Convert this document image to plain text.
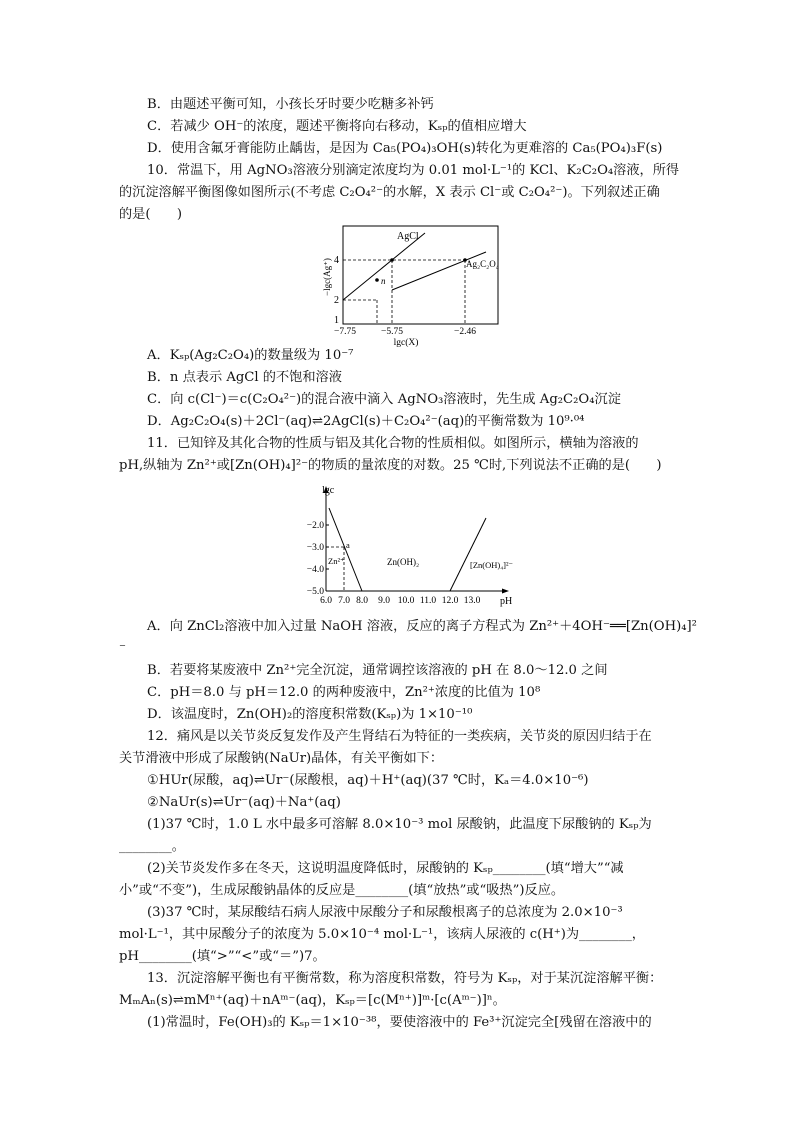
B．由题述平衡可知，小孩长牙时要少吃糖多补钙
C．若减少 OH⁻的浓度，题述平衡将向右移动，Kₛₚ的值相应增大
D．使用含氟牙膏能防止龋齿，是因为 Ca₅(PO₄)₃OH(s)转化为更难溶的 Ca₅(PO₄)₃F(s)
10．常温下，用 AgNO₃溶液分别滴定浓度均为 0.01 mol·L⁻¹的 KCl、K₂C₂O₄溶液，所得
的沉淀溶解平衡图像如图所示(不考虑 C₂O₄²⁻的水解，X 表示 Cl⁻或 C₂O₄²⁻)。下列叙述正确
的是(　　)
n
AgCl
Ag₂C₂O₄
4
2
1
−7.75	−5.75	−2.46
lgc(X)
−lgc(Ag⁺)
A．Kₛₚ(Ag₂C₂O₄)的数量级为 10⁻⁷
B．n 点表示 AgCl 的不饱和溶液
C．向 c(Cl⁻)＝c(C₂O₄²⁻)的混合液中滴入 AgNO₃溶液时，先生成 Ag₂C₂O₄沉淀
D．Ag₂C₂O₄(s)＋2Cl⁻(aq)⇌2AgCl(s)＋C₂O₄²⁻(aq)的平衡常数为 10⁹·⁰⁴
11．已知锌及其化合物的性质与铝及其化合物的性质相似。如图所示，横轴为溶液的
pH,纵轴为 Zn²⁺或[Zn(OH)₄]²⁻的物质的量浓度的对数。25 ℃时,下列说法不正确的是(　　)
lgc
−2.0
−3.0
−4.0
−5.0
6.0 7.0 8.0 9.0 10.0 11.0 12.0 13.0 pH
Zn²⁺
a
Zn(OH)₂	[Zn(OH)₄]²⁻
A．向 ZnCl₂溶液中加入过量 NaOH 溶液，反应的离子方程式为 Zn²⁺＋4OH⁻══[Zn(OH)₄]²
⁻
B．若要将某废液中 Zn²⁺完全沉淀，通常调控该溶液的 pH 在 8.0～12.0 之间
C．pH＝8.0 与 pH＝12.0 的两种废液中，Zn²⁺浓度的比值为 10⁸
D．该温度时，Zn(OH)₂的溶度积常数(Kₛₚ)为 1×10⁻¹⁰
12．痛风是以关节炎反复发作及产生肾结石为特征的一类疾病，关节炎的原因归结于在
关节滑液中形成了尿酸钠(NaUr)晶体，有关平衡如下：
①HUr(尿酸，aq)⇌Ur⁻(尿酸根，aq)＋H⁺(aq)(37 ℃时，Kₐ＝4.0×10⁻⁶)
②NaUr(s)⇌Ur⁻(aq)＋Na⁺(aq)
(1)37 ℃时，1.0 L 水中最多可溶解 8.0×10⁻³ mol 尿酸钠，此温度下尿酸钠的 Kₛₚ为
________。
(2)关节炎发作多在冬天，这说明温度降低时，尿酸钠的 Kₛₚ________(填“增大”“减
小”或“不变”)，生成尿酸钠晶体的反应是________(填“放热”或“吸热”)反应。
(3)37 ℃时，某尿酸结石病人尿液中尿酸分子和尿酸根离子的总浓度为 2.0×10⁻³
mol·L⁻¹，其中尿酸分子的浓度为 5.0×10⁻⁴ mol·L⁻¹，该病人尿液的 c(H⁺)为________，
pH________(填“>”“<”或“＝”)7。
13．沉淀溶解平衡也有平衡常数，称为溶度积常数，符号为 Kₛₚ，对于某沉淀溶解平衡：
MₘAₙ(s)⇌mMⁿ⁺(aq)＋nAᵐ⁻(aq)，Kₛₚ＝[c(Mⁿ⁺)]ᵐ·[c(Aᵐ⁻)]ⁿ。
(1)常温时，Fe(OH)₃的 Kₛₚ＝1×10⁻³⁸，要使溶液中的 Fe³⁺沉淀完全[残留在溶液中的
